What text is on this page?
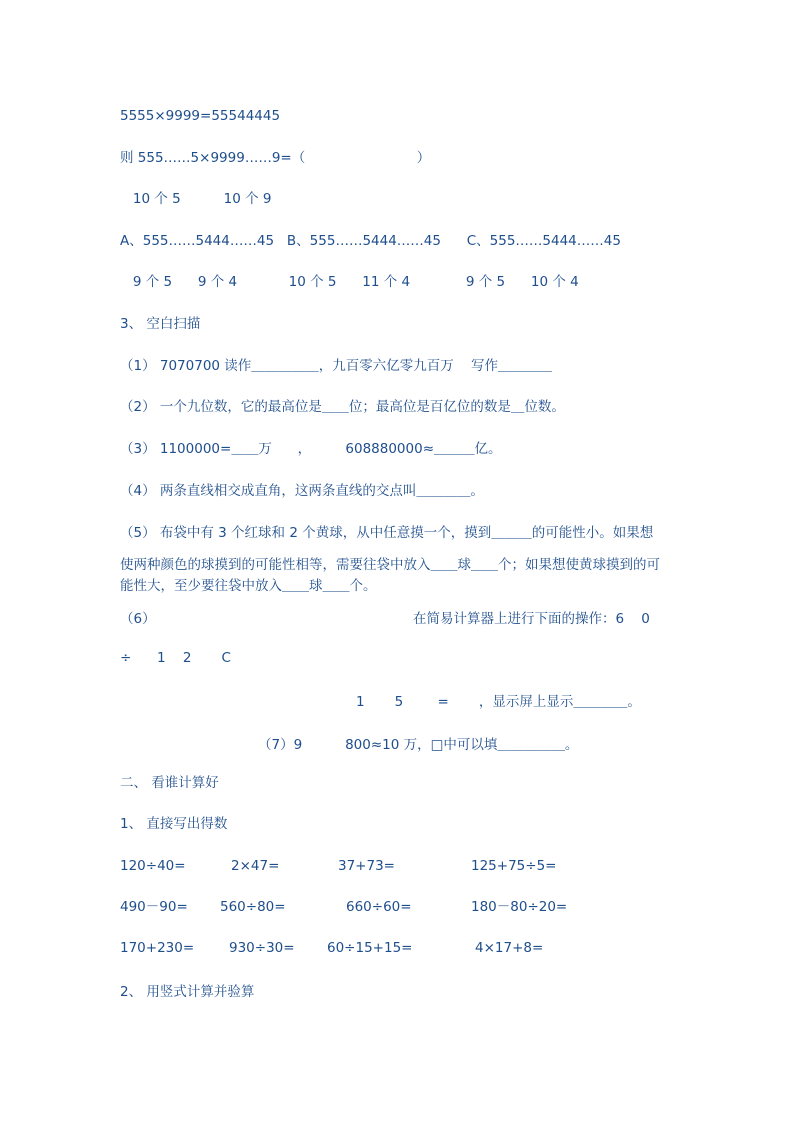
5555×9999=55544445
则 555……5×9999……9=（                          ）
10 个 5          10 个 9
A、555……5444……45   B、555……5444……45      C、555……5444……45
9 个 5      9 个 4            10 个 5      11 个 4             9 个 5      10 个 4
3、 空白扫描
（1） 7070700 读作＿＿＿＿＿，九百零六亿零九百万    写作＿＿＿＿
（2） 一个九位数，它的最高位是＿＿位；最高位是百亿位的数是＿位数。
（3） 1100000=＿＿万      ，        608880000≈＿＿＿亿。
（4） 两条直线相交成直角，这两条直线的交点叫＿＿＿＿。
（5） 布袋中有 3 个红球和 2 个黄球，从中任意摸一个，摸到＿＿＿的可能性小。如果想
使两种颜色的球摸到的可能性相等，需要往袋中放入＿＿球＿＿个；如果想使黄球摸到的可
能性大，至少要往袋中放入＿＿球＿＿个。
（6）	在简易计算器上进行下面的操作：6    0
÷      1    2       C
1       5        =       ，显示屏上显示＿＿＿＿。
（7）9          800≈10 万，□中可以填＿＿＿＿＿。
二、 看谁计算好
1、 直接写出得数
120÷40=	2×47=	37+73=	125+75÷5=
490－90= 560÷80=	660÷60=	180－80÷20=
170+230=	930÷30= 60÷15+15=	4×17+8=
2、 用竖式计算并验算
